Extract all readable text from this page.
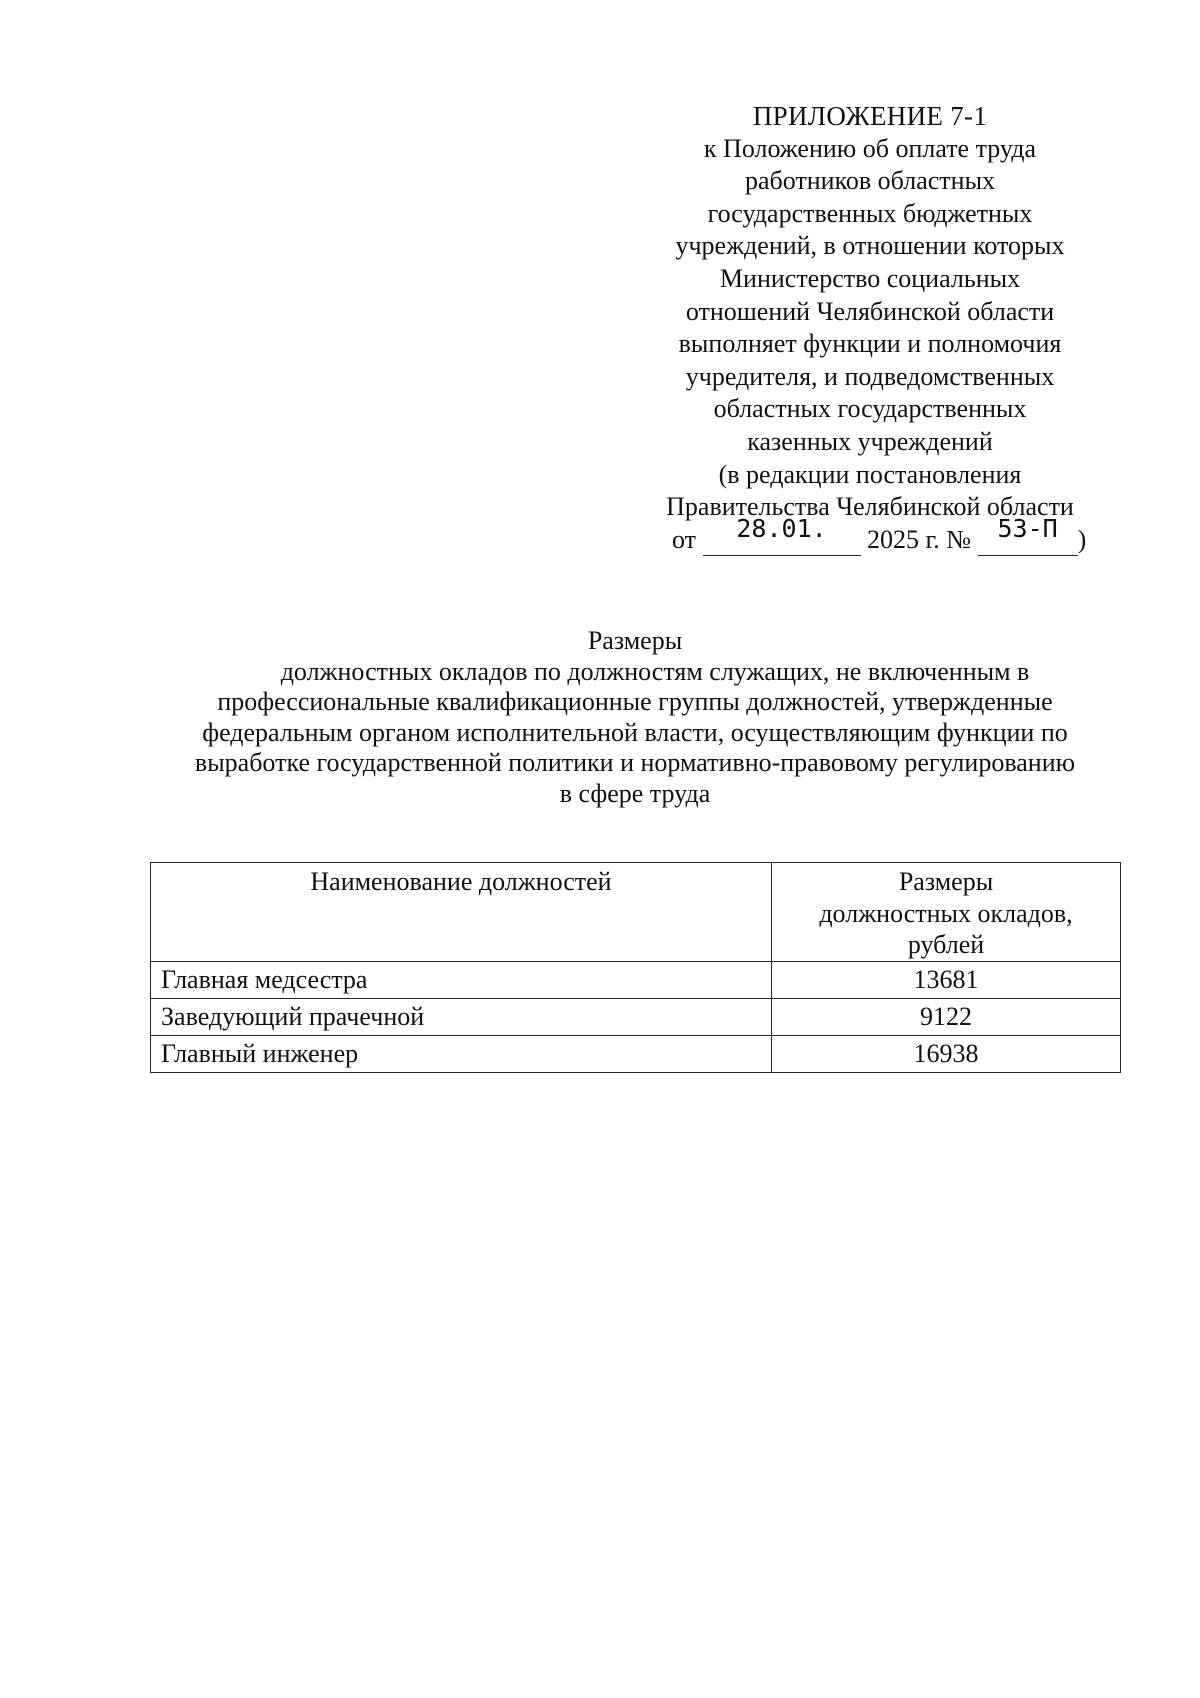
ПРИЛОЖЕНИЕ 7-1
к Положению об оплате труда
работников областных
государственных бюджетных
учреждений, в отношении которых
Министерство социальных
отношений Челябинской области
выполняет функции и полномочия
учредителя, и подведомственных
областных государственных
казенных учреждений
(в редакции постановления
Правительства Челябинской области
от	28.01.	2025 г. №	53-П )
Размеры
должностных окладов по должностям служащих, не включенным в
профессиональные квалификационные группы должностей, утвержденные
федеральным органом исполнительной власти, осуществляющим функции по
выработке государственной политики и нормативно-правовому регулированию
в сфере труда
Наименование должностей	Размеры
должностных окладов,
рублей

Главная медсестра	13681
Заведующий прачечной	9122
Главный инженер	16938
